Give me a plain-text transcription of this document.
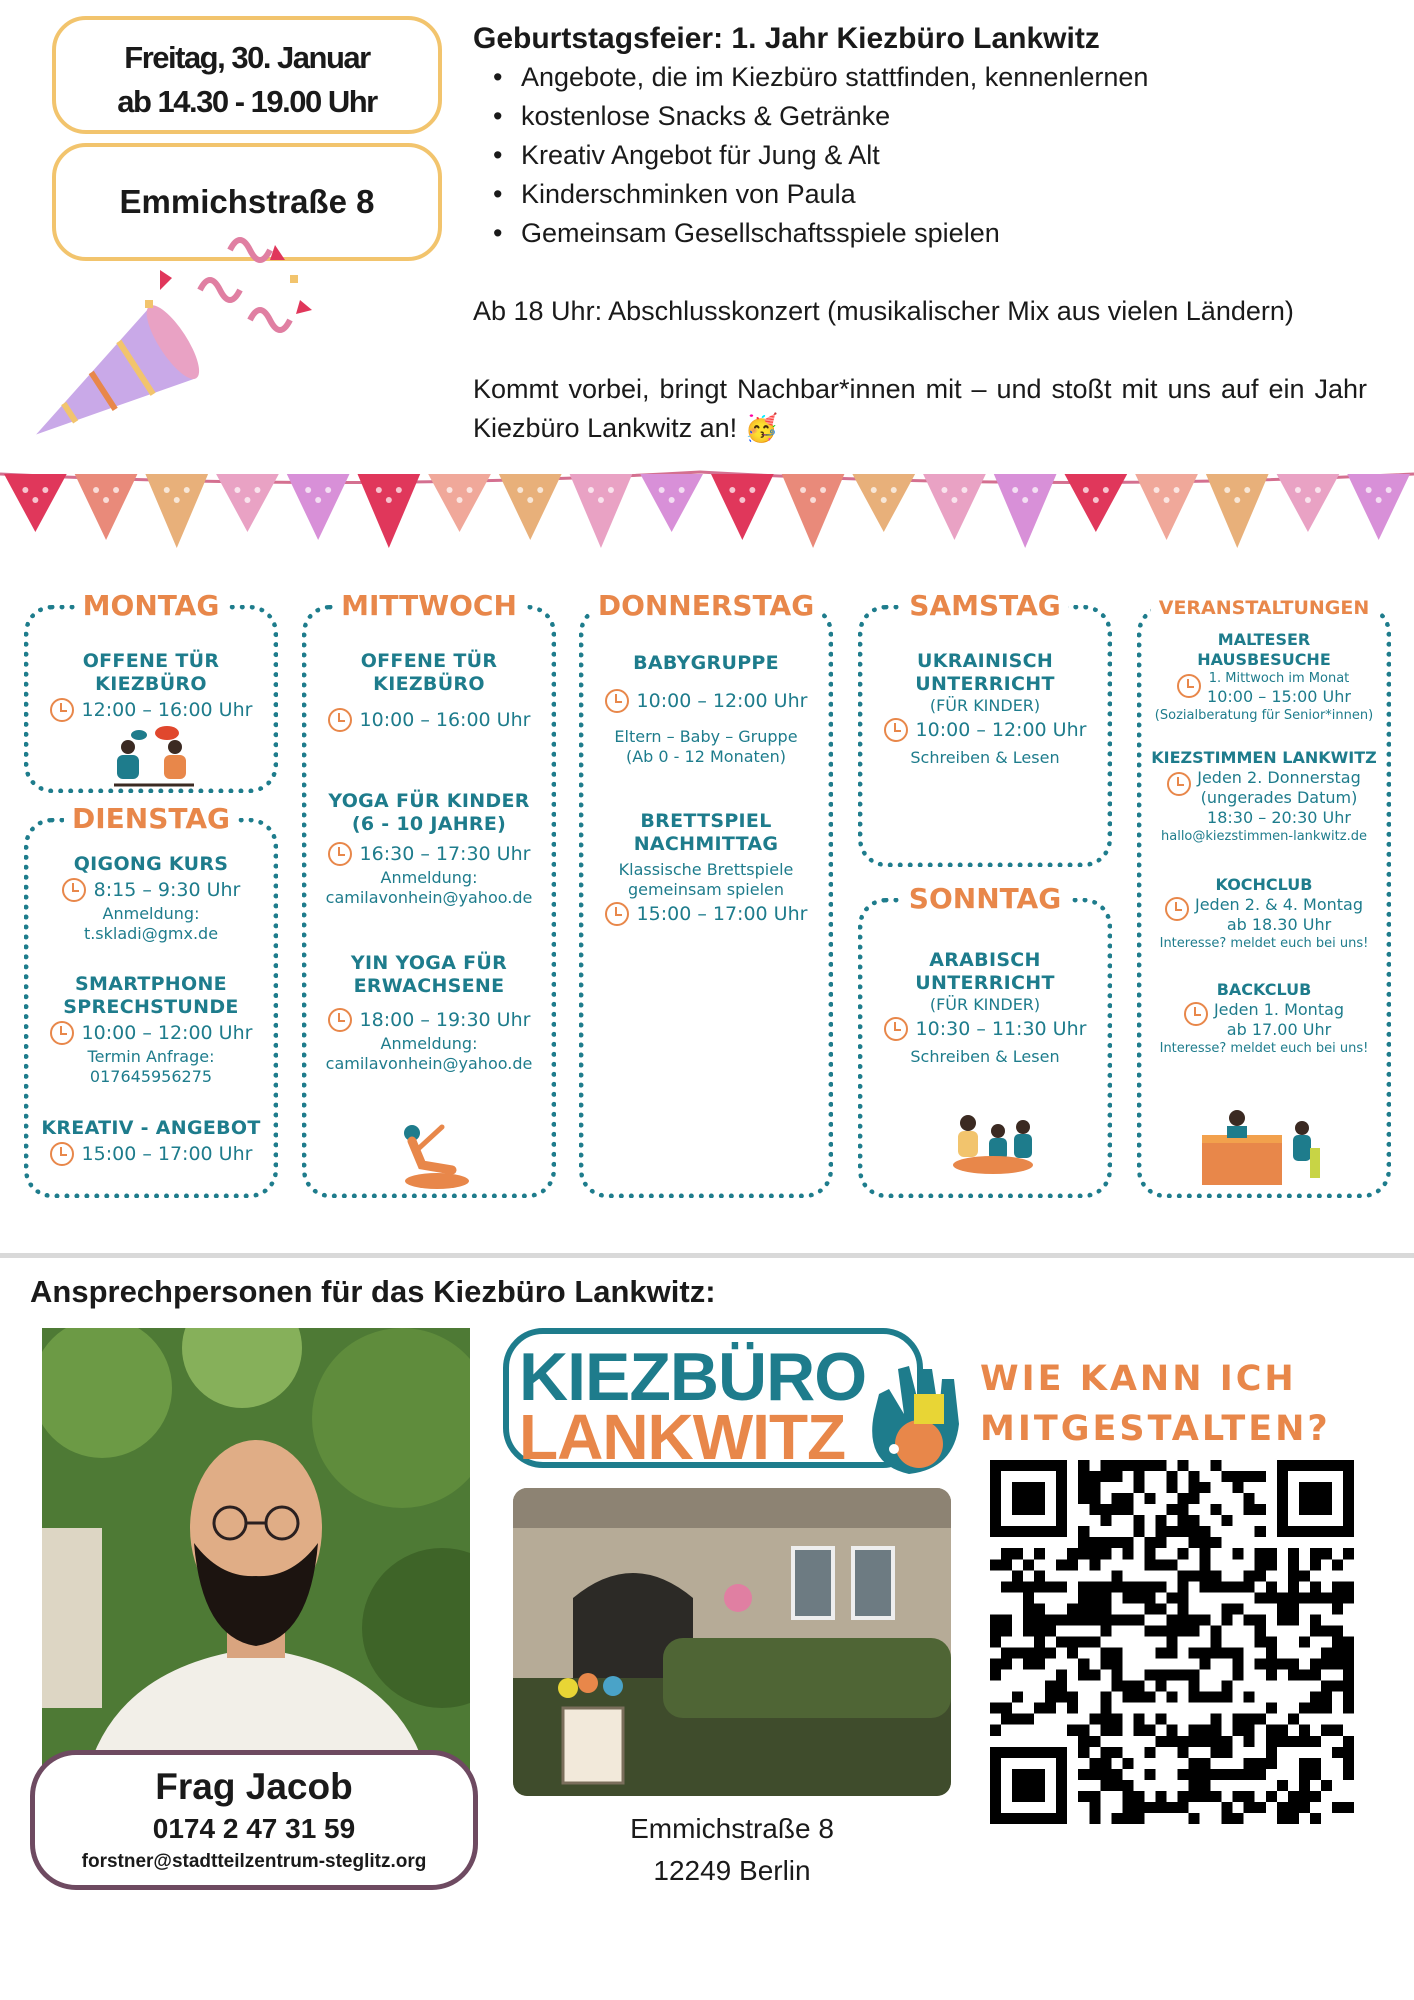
Freitag, 30. Januar
ab 14.30 - 19.00 Uhr
Emmichstraße 8
Geburtstagsfeier: 1. Jahr Kiezbüro Lankwitz
• Angebote, die im Kiezbüro stattfinden, kennenlernen
• kostenlose Snacks & Getränke
• Kreativ Angebot für Jung & Alt
• Kinderschminken von Paula
• Gemeinsam Gesellschaftsspiele spielen

Ab 18 Uhr: Abschlusskonzert (musikalischer Mix aus vielen Ländern)

Kommt vorbei, bringt Nachbar*innen mit – und stoßt mit uns auf ein Jahr Kiezbüro Lankwitz an! 🥳

MONTAG
OFFENE TÜR KIEZBÜRO
12:00 – 16:00 Uhr
DIENSTAG
QIGONG KURS
8:15 – 9:30 Uhr
Anmeldung:
t.skladi@gmx.de
SMARTPHONE SPRECHSTUNDE
10:00 – 12:00 Uhr
Termin Anfrage:
017645956275
KREATIV - ANGEBOT
15:00 – 17:00 Uhr
MITTWOCH
OFFENE TÜR KIEZBÜRO
10:00 – 16:00 Uhr
YOGA FÜR KINDER
(6 - 10 JAHRE)
16:30 – 17:30 Uhr
Anmeldung:
camilavonhein@yahoo.de
YIN YOGA FÜR ERWACHSENE
18:00 – 19:30 Uhr
Anmeldung:
camilavonhein@yahoo.de
DONNERSTAG
BABYGRUPPE
10:00 – 12:00 Uhr
Eltern – Baby – Gruppe
(Ab 0 - 12 Monaten)
BRETTSPIEL NACHMITTAG
Klassische Brettspiele
gemeinsam spielen
15:00 – 17:00 Uhr
SAMSTAG
UKRAINISCH UNTERRICHT
(FÜR KINDER)
10:00 – 12:00 Uhr
Schreiben & Lesen
SONNTAG
ARABISCH UNTERRICHT
(FÜR KINDER)
10:30 – 11:30 Uhr
Schreiben & Lesen
VERANSTALTUNGEN
MALTESER HAUSBESUCHE
1. Mittwoch im Monat
10:00 – 15:00 Uhr
(Sozialberatung für Senior*innen)
KIEZSTIMMEN LANKWITZ
Jeden 2. Donnerstag
(ungerades Datum)
18:30 – 20:30 Uhr
hallo@kiezstimmen-lankwitz.de
KOCHCLUB
Jeden 2. & 4. Montag
ab 18.30 Uhr
Interesse? meldet euch bei uns!
BACKCLUB
Jeden 1. Montag
ab 17.00 Uhr
Interesse? meldet euch bei uns!
Ansprechpersonen für das Kiezbüro Lankwitz:
Frag Jacob
0174 2 47 31 59
forstner@stadtteilzentrum-steglitz.org
KIEZBÜRO
LANKWITZ
Emmichstraße 8
12249 Berlin
WIE KANN ICH
MITGESTALTEN?
